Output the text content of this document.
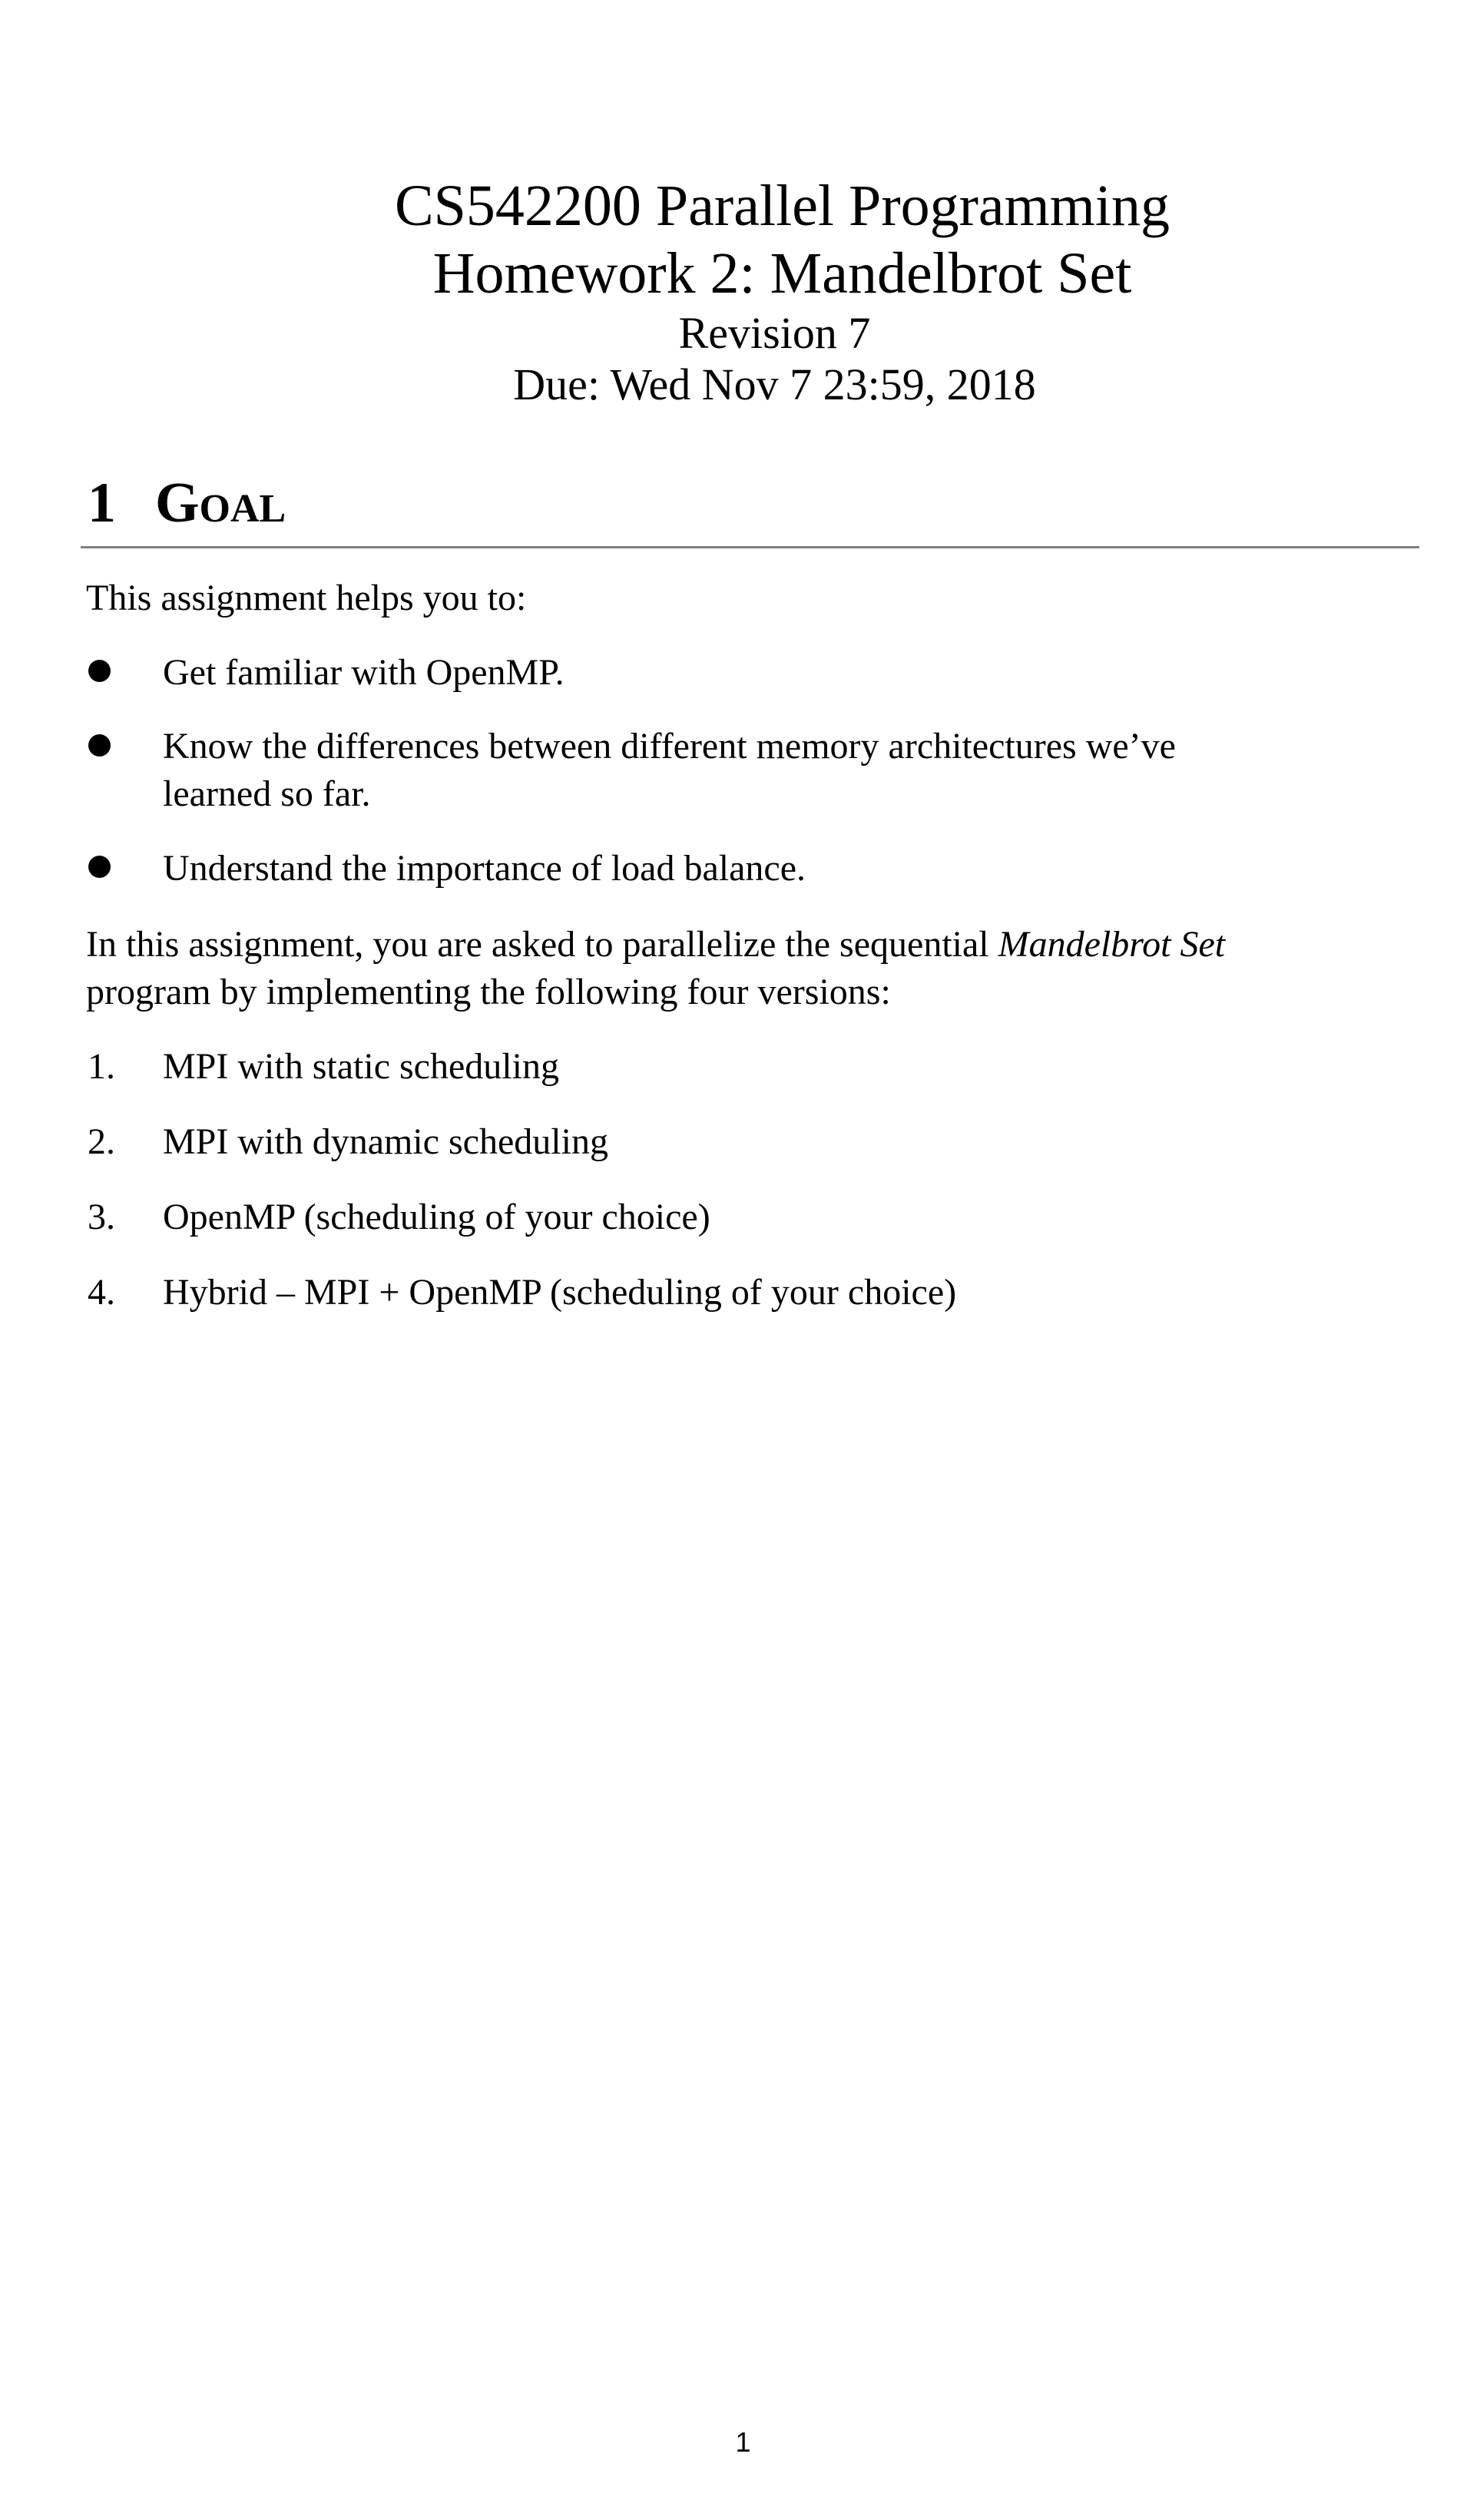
CS542200 Parallel Programming
Homework 2: Mandelbrot Set
Revision 7
Due: Wed Nov 7 23:59, 2018
1 Goal
This assignment helps you to:
Get familiar with OpenMP.
Know the differences between different memory architectures we’ve
learned so far.
Understand the importance of load balance.
In this assignment, you are asked to parallelize the sequential Mandelbrot Set
program by implementing the following four versions:
1. MPI with static scheduling
2. MPI with dynamic scheduling
3. OpenMP (scheduling of your choice)
4. Hybrid – MPI + OpenMP (scheduling of your choice)
1
